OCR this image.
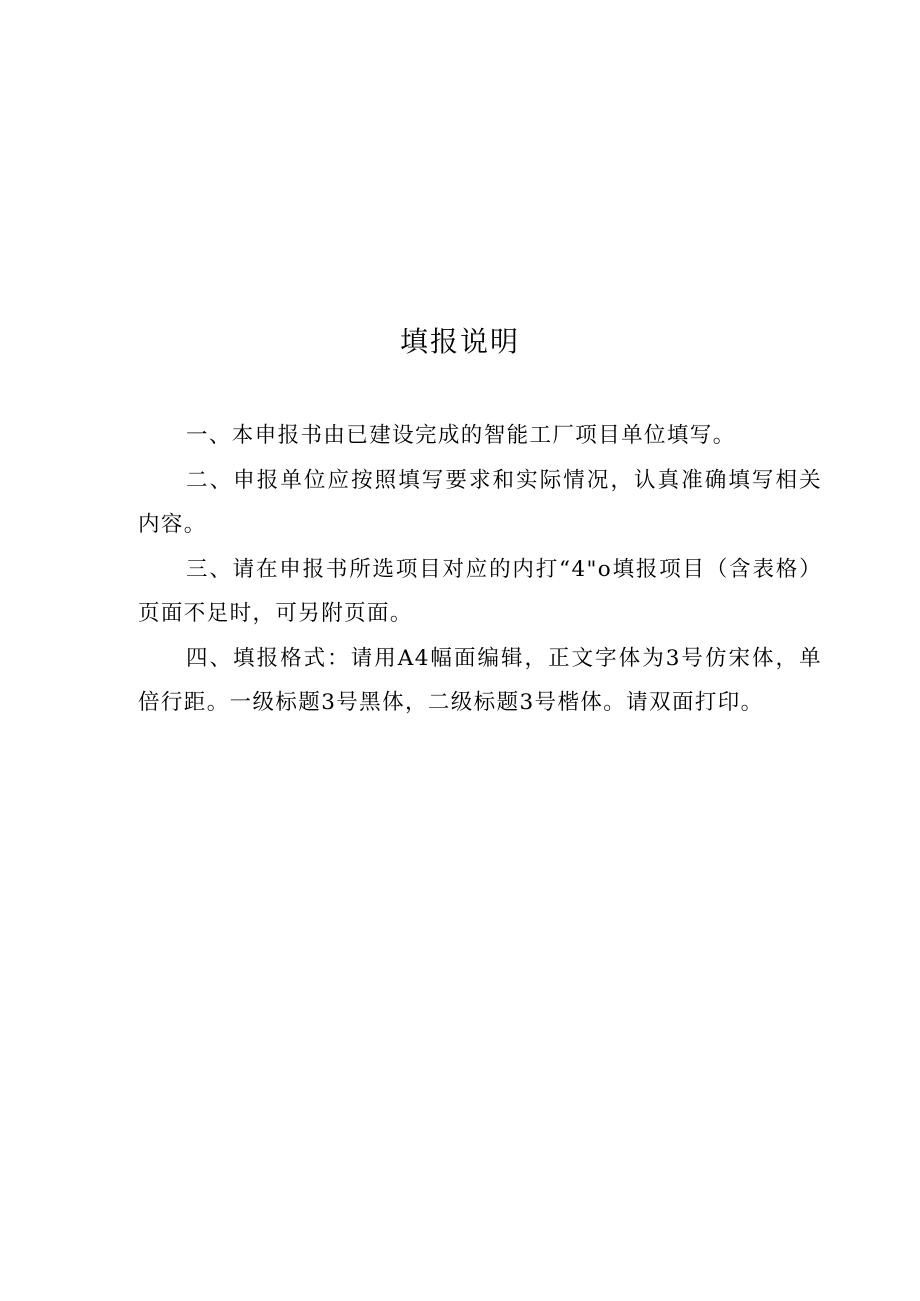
填报说明

一、本申报书由已建设完成的智能工厂项目单位填写。

二、申报单位应按照填写要求和实际情况，认真准确填写相关内容。

三、请在申报书所选项目对应的内打“4"o填报项目（含表格）页面不足时，可另附页面。

四、填报格式：请用A4幅面编辑，正文字体为3号仿宋体，单倍行距。一级标题3号黑体，二级标题3号楷体。请双面打印。
